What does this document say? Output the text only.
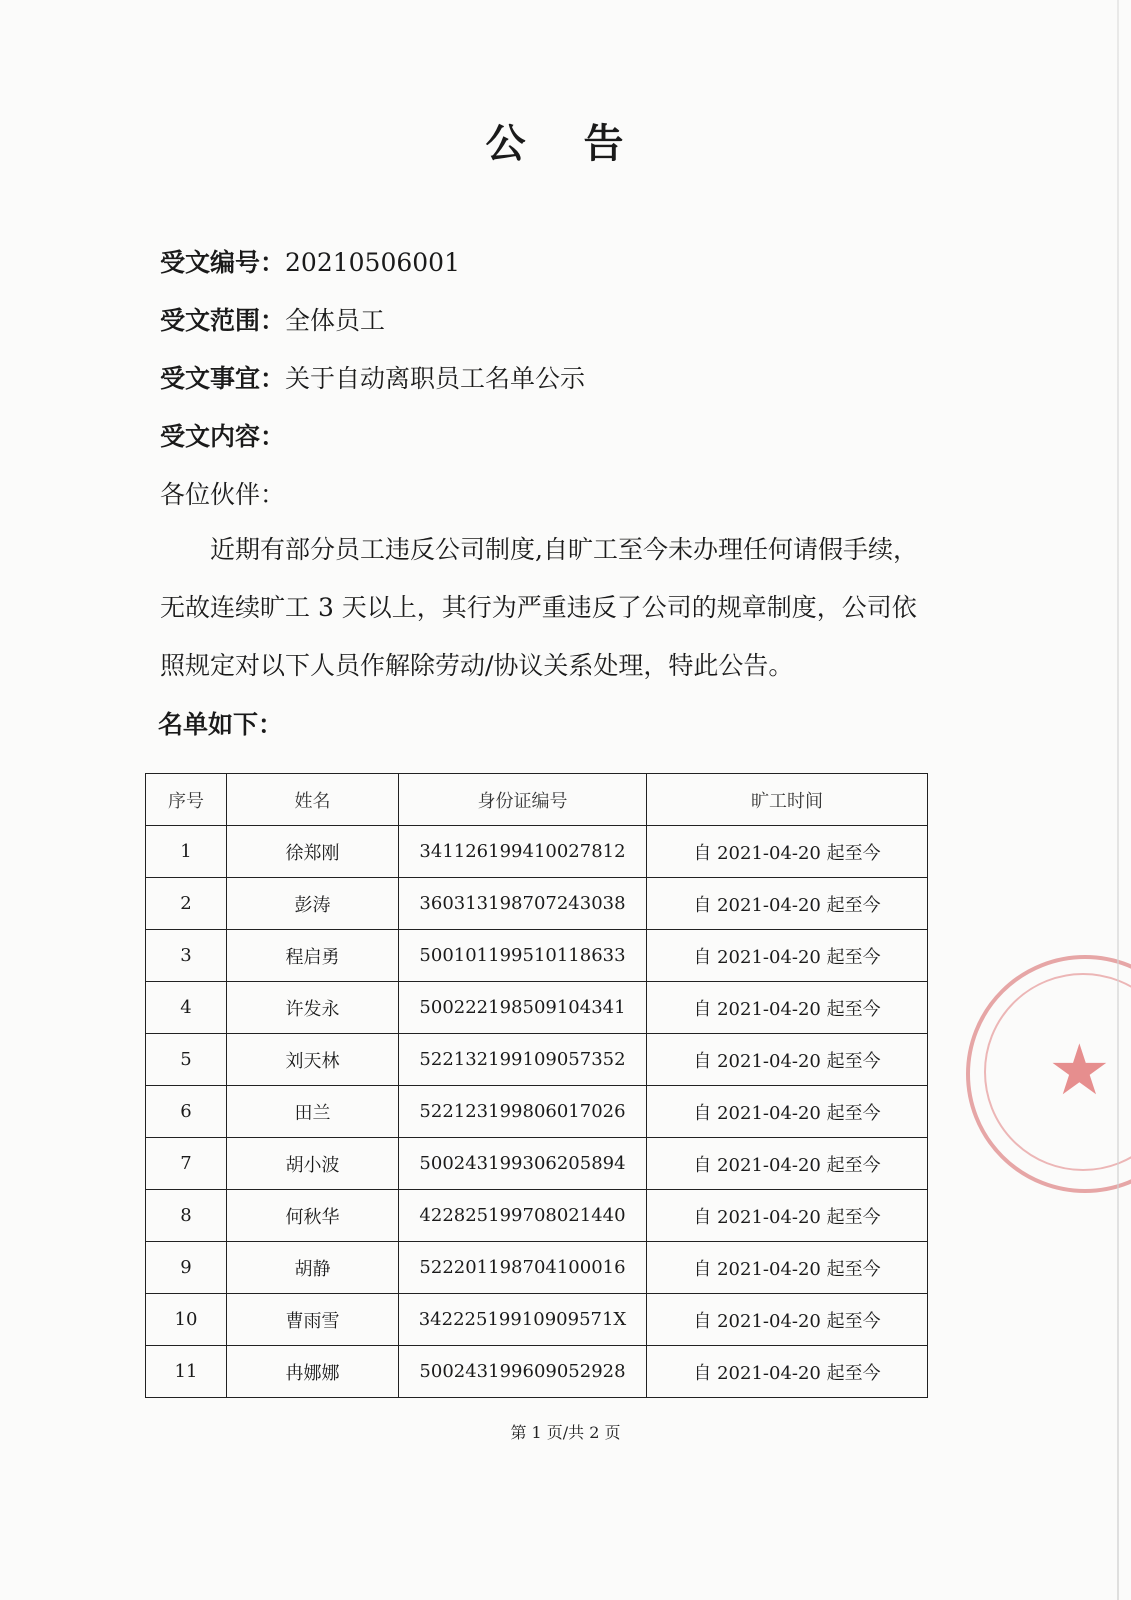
公 告
受文编号：20210506001
受文范围：全体员工
受文事宜：关于自动离职员工名单公示
受文内容：
各位伙伴：
近期有部分员工违反公司制度,自旷工至今未办理任何请假手续，无故连续旷工 3 天以上，其行为严重违反了公司的规章制度，公司依照规定对以下人员作解除劳动/协议关系处理，特此公告。
名单如下：
序号	姓名	身份证编号	旷工时间
1	徐郑刚	341126199410027812	自 2021-04-20 起至今
2	彭涛	360313198707243038	自 2021-04-20 起至今
3	程启勇	500101199510118633	自 2021-04-20 起至今
4	许发永	500222198509104341	自 2021-04-20 起至今
5	刘天林	522132199109057352	自 2021-04-20 起至今
6	田兰	522123199806017026	自 2021-04-20 起至今
7	胡小波	500243199306205894	自 2021-04-20 起至今
8	何秋华	422825199708021440	自 2021-04-20 起至今
9	胡静	522201198704100016	自 2021-04-20 起至今
10	曹雨雪	34222519910909571X	自 2021-04-20 起至今
11	冉娜娜	500243199609052928	自 2021-04-20 起至今
第 1 页/共 2 页
★
